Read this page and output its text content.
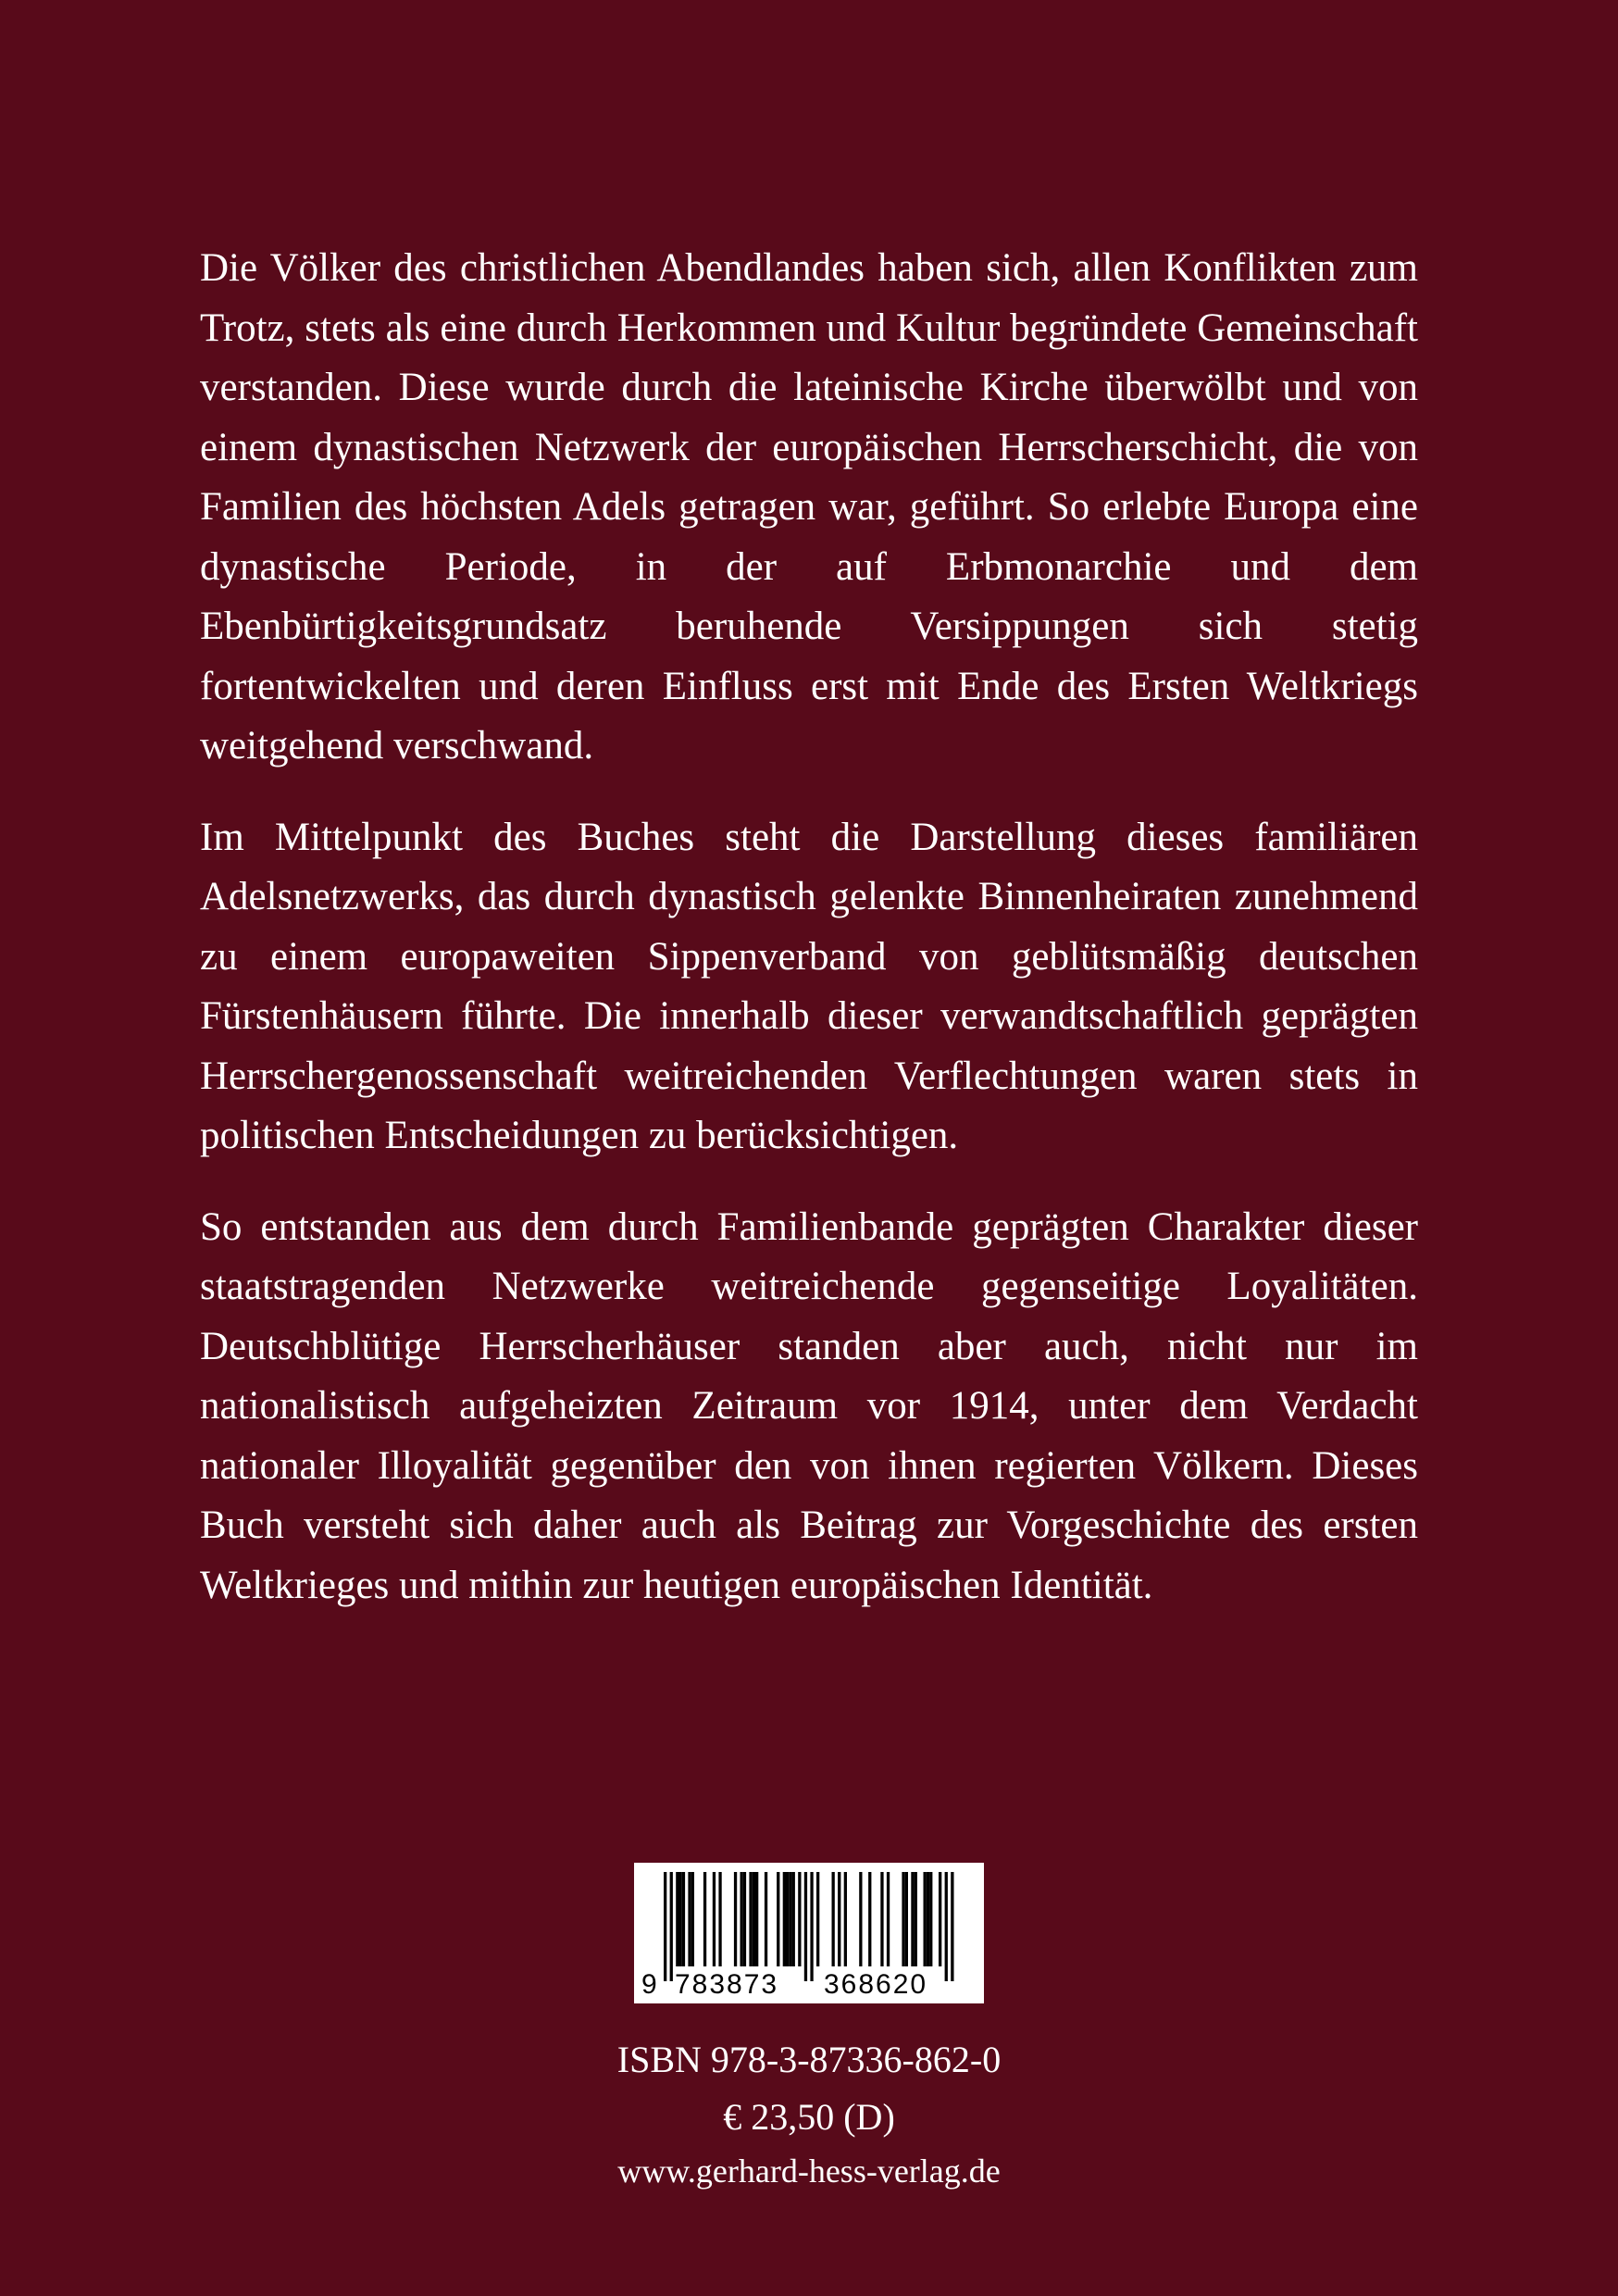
Die Völker des christlichen Abendlandes haben sich, allen Konflikten zum Trotz, stets als eine durch Herkommen und Kultur begründete Gemeinschaft verstanden. Diese wurde durch die lateinische Kirche überwölbt und von einem dynastischen Netzwerk der europäischen Herrscherschicht, die von Familien des höchsten Adels getragen war, geführt. So erlebte Europa eine dynastische Periode, in der auf Erbmonarchie und dem Ebenbürtigkeitsgrundsatz beruhende Versippungen sich stetig fortentwickelten und deren Einfluss erst mit Ende des Ersten Weltkriegs weitgehend verschwand.

Im Mittelpunkt des Buches steht die Darstellung dieses familiären Adelsnetzwerks, das durch dynastisch gelenkte Binnenheiraten zunehmend zu einem europaweiten Sippenverband von geblütsmäßig deutschen Fürstenhäusern führte. Die innerhalb dieser verwandtschaftlich geprägten Herrschergenossenschaft weitreichenden Verflechtungen waren stets in politischen Entscheidungen zu berücksichtigen.

So entstanden aus dem durch Familienbande geprägten Charakter dieser staatstragenden Netzwerke weitreichende gegenseitige Loyalitäten. Deutschblütige Herrscherhäuser standen aber auch, nicht nur im nationalistisch aufgeheizten Zeitraum vor 1914, unter dem Verdacht nationaler Illoyalität gegenüber den von ihnen regierten Völkern. Dieses Buch versteht sich daher auch als Beitrag zur Vorgeschichte des ersten Weltkrieges und mithin zur heutigen europäischen Identität.

9 783873 368620
ISBN 978-3-87336-862-0
€ 23,50 (D)
www.gerhard-hess-verlag.de
